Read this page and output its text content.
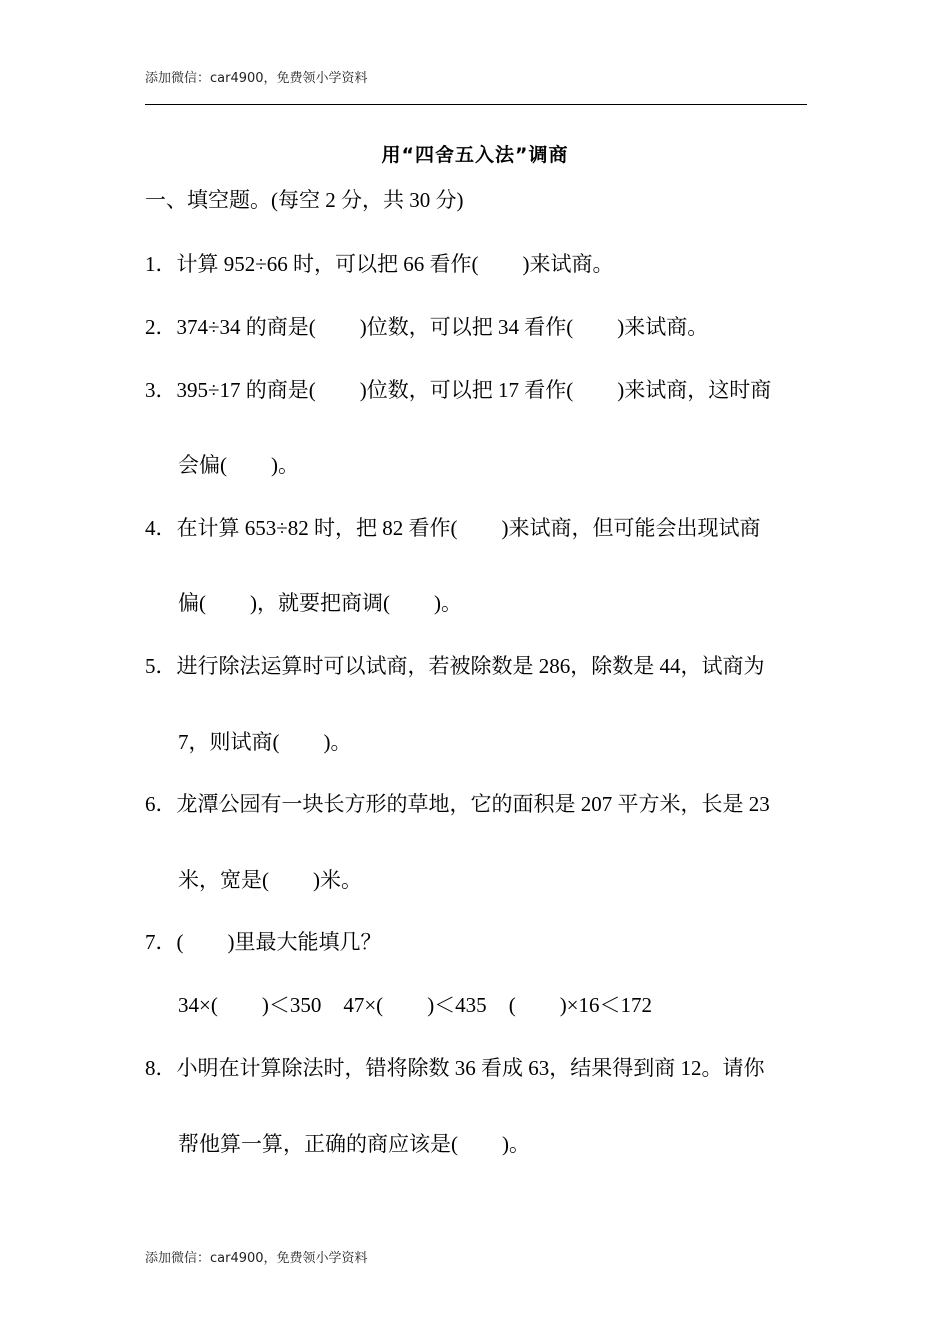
添加微信：car4900，免费领小学资料
用“四舍五入法”调商
一、填空题。(每空 2 分，共 30 分)
1．计算 952÷66 时，可以把 66 看作( )来试商。
2．374÷34 的商是( )位数，可以把 34 看作( )来试商。
3．395÷17 的商是( )位数，可以把 17 看作( )来试商，这时商
会偏( )。
4．在计算 653÷82 时，把 82 看作( )来试商，但可能会出现试商
偏( )，就要把商调( )。
5．进行除法运算时可以试商，若被除数是 286，除数是 44，试商为
7，则试商( )。
6．龙潭公园有一块长方形的草地，它的面积是 207 平方米，长是 23
米，宽是( )米。
7．( )里最大能填几？
34×( )＜350 47×( )＜435 ( )×16＜172
8．小明在计算除法时，错将除数 36 看成 63，结果得到商 12。请你
帮他算一算，正确的商应该是( )。
添加微信：car4900，免费领小学资料
